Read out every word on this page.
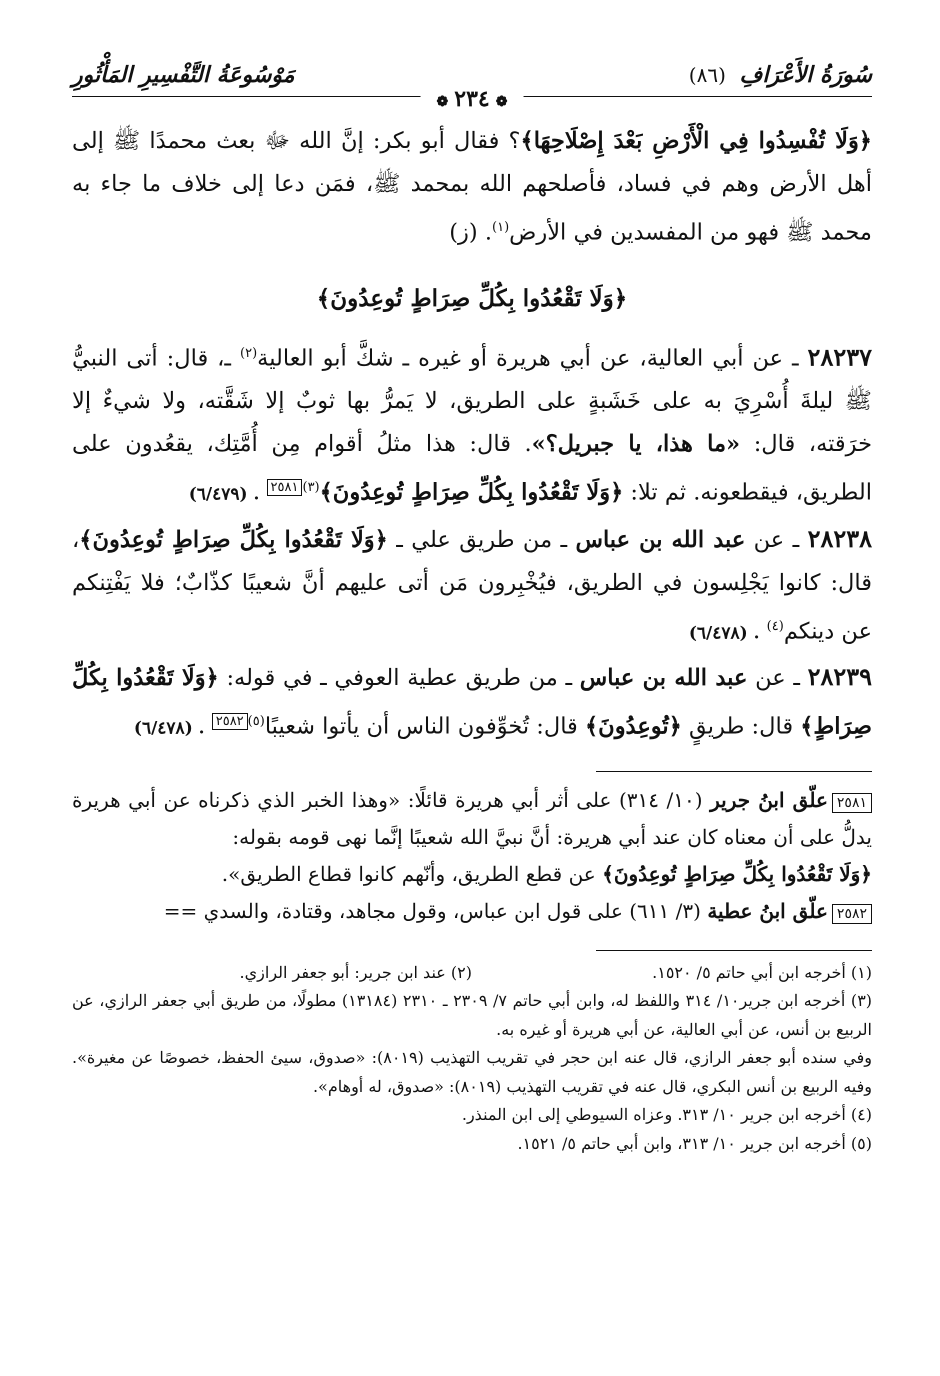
سُورَةُ الأَعْرَافِ (٨٦)
مَوْسُوعَةُ التَّفْسِيرِ المَأْثُورِ
❁٢٣٤❁

﴿وَلَا تُفْسِدُوا فِي الْأَرْضِ بَعْدَ إِصْلَاحِهَا﴾؟ فقال أبو بكر: إنَّ الله ﷻ بعث محمدًا ﷺ إلى أهل الأرض وهم في فساد، فأصلحهم الله بمحمد ﷺ، فمَن دعا إلى خلاف ما جاء به محمد ﷺ فهو من المفسدين في الأرض$^{(١)}$. (ز)

﴿وَلَا تَقْعُدُوا بِكُلِّ صِرَاطٍ تُوعِدُونَ﴾

٢٨٢٣٧ ـ عن أبي العالية، عن أبي هريرة أو غيره ـ شكَّ أبو العالية$^{(٢)}$ ـ، قال: أتى النبيُّ ﷺ ليلةَ أُسْرِيَ به على خَشَبةٍ على الطريق، لا يَمرُّ بها ثوبٌ إلا شَقَّته، ولا شيءٌ إلا خرَقته، قال: «ما هذا، يا جبريل؟». قال: هذا مثلُ أقوام مِن أُمَّتِك، يقعُدون على الطريق، فيقطعونه. ثم تلا: ﴿وَلَا تَقْعُدُوا بِكُلِّ صِرَاطٍ تُوعِدُونَ﴾$^{(٣)}$٢٥٨١ . (٦/٤٧٩)

٢٨٢٣٨ ـ عن عبد الله بن عباس ـ من طريق علي ـ ﴿وَلَا تَقْعُدُوا بِكُلِّ صِرَاطٍ تُوعِدُونَ﴾، قال: كانوا يَجْلِسون في الطريق، فيُخْبِرون مَن أتى عليهم أنَّ شعيبًا كذّابٌ؛ فلا يَفْتِنكم عن دينكم$^{(٤)}$ . (٦/٤٧٨)

٢٨٢٣٩ ـ عن عبد الله بن عباس ـ من طريق عطية العوفي ـ في قوله: ﴿وَلَا تَقْعُدُوا بِكُلِّ صِرَاطٍ﴾ قال: طريقٍ ﴿تُوعِدُونَ﴾ قال: تُخوِّفون الناس أن يأتوا شعيبًا$^{(٥)}$٢٥٨٢ . (٦/٤٧٨)

٢٥٨١علّق ابنُ جرير (١٠/ ٣١٤) على أثر أبي هريرة قائلًا: «وهذا الخبر الذي ذكرناه عن أبي هريرة يدلُّ على أن معناه كان عند أبي هريرة: أنَّ نبيَّ الله شعيبًا إنَّما نهى قومه بقوله:
﴿وَلَا تَقْعُدُوا بِكُلِّ صِرَاطٍ تُوعِدُونَ﴾ عن قطع الطريق، وأنّهم كانوا قطاع الطريق».

٢٥٨٢علّق ابنُ عطية (٣/ ٦١١) على قول ابن عباس، وقول مجاهد، وقتادة، والسدي ==

(١) أخرجه ابن أبي حاتم ٥/ ١٥٢٠.
(٢) عند ابن جرير: أبو جعفر الرازي.

(٣) أخرجه ابن جرير١٠/ ٣١٤ واللفظ له، وابن أبي حاتم ٧/ ٢٣٠٩ ـ ٢٣١٠ (١٣١٨٤) مطولًا، من طريق أبي جعفر الرازي، عن الربيع بن أنس، عن أبي العالية، عن أبي هريرة أو غيره به.

وفي سنده أبو جعفر الرازي، قال عنه ابن حجر في تقريب التهذيب (٨٠١٩): «صدوق، سيئ الحفظ، خصوصًا عن مغيرة». وفيه الربيع بن أنس البكري، قال عنه في تقريب التهذيب (٨٠١٩): «صدوق، له أوهام».

(٤) أخرجه ابن جرير ١٠/ ٣١٣. وعزاه السيوطي إلى ابن المنذر.

(٥) أخرجه ابن جرير ١٠/ ٣١٣، وابن أبي حاتم ٥/ ١٥٢١.
